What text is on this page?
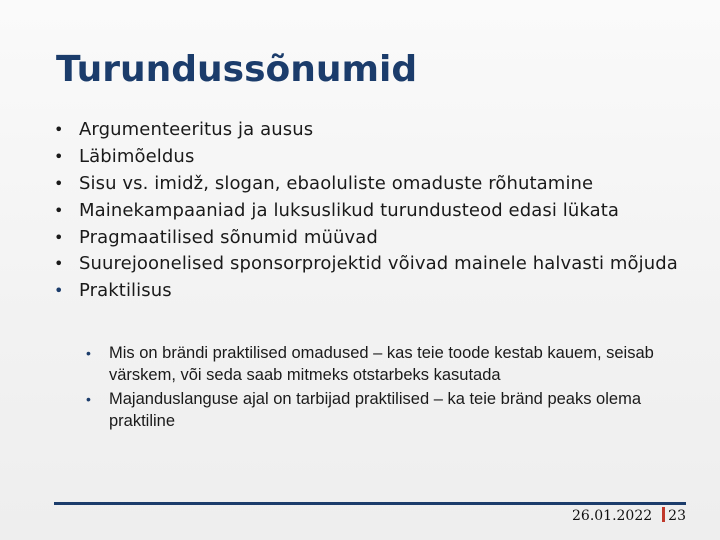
Turundussõnumid
• Argumenteeritus ja ausus
• Läbimõeldus
• Sisu vs. imidž, slogan, ebaoluliste omaduste rõhutamine
• Mainekampaaniad ja luksuslikud turundusteod edasi lükata
• Pragmaatilised sõnumid müüvad
• Suurejoonelised sponsorprojektid võivad mainele halvasti mõjuda
• Praktilisus
• Mis on brändi praktilised omadused – kas teie toode kestab kauem, seisab värskem, või seda saab mitmeks otstarbeks kasutada
• Majanduslanguse ajal on tarbijad praktilised – ka teie bränd peaks olema praktiline
26.01.2022 23
